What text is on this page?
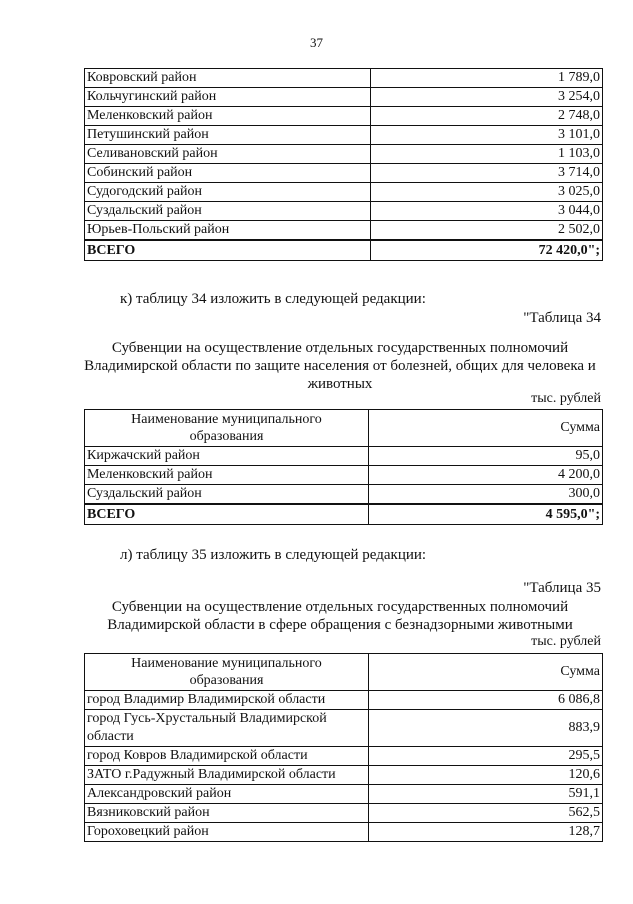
37
Ковровский район	1 789,0
Кольчугинский район	3 254,0
Меленковский район	2 748,0
Петушинский район	3 101,0
Селивановский район	1 103,0
Собинский район	3 714,0
Судогодский район	3 025,0
Суздальский район	3 044,0
Юрьев-Польский район	2 502,0
ВСЕГО	72 420,0";
к) таблицу 34 изложить в следующей редакции:
"Таблица 34
Субвенции на осуществление отдельных государственных полномочий
Владимирской области по защите населения от болезней, общих для человека и
животных
тыс. рублей
Наименование муниципального
образования	Сумма
Киржачский район	95,0
Меленковский район	4 200,0
Суздальский район	300,0
ВСЕГО	4 595,0";
л) таблицу 35 изложить в следующей редакции:
"Таблица 35
Субвенции на осуществление отдельных государственных полномочий
Владимирской области в сфере обращения с безнадзорными животными
тыс. рублей
Наименование муниципального
образования	Сумма
город Владимир Владимирской области	6 086,8
город Гусь-Хрустальный Владимирской области	883,9
город Ковров Владимирской области	295,5
ЗАТО г.Радужный Владимирской области	120,6
Александровский район	591,1
Вязниковский район	562,5
Гороховецкий район	128,7
